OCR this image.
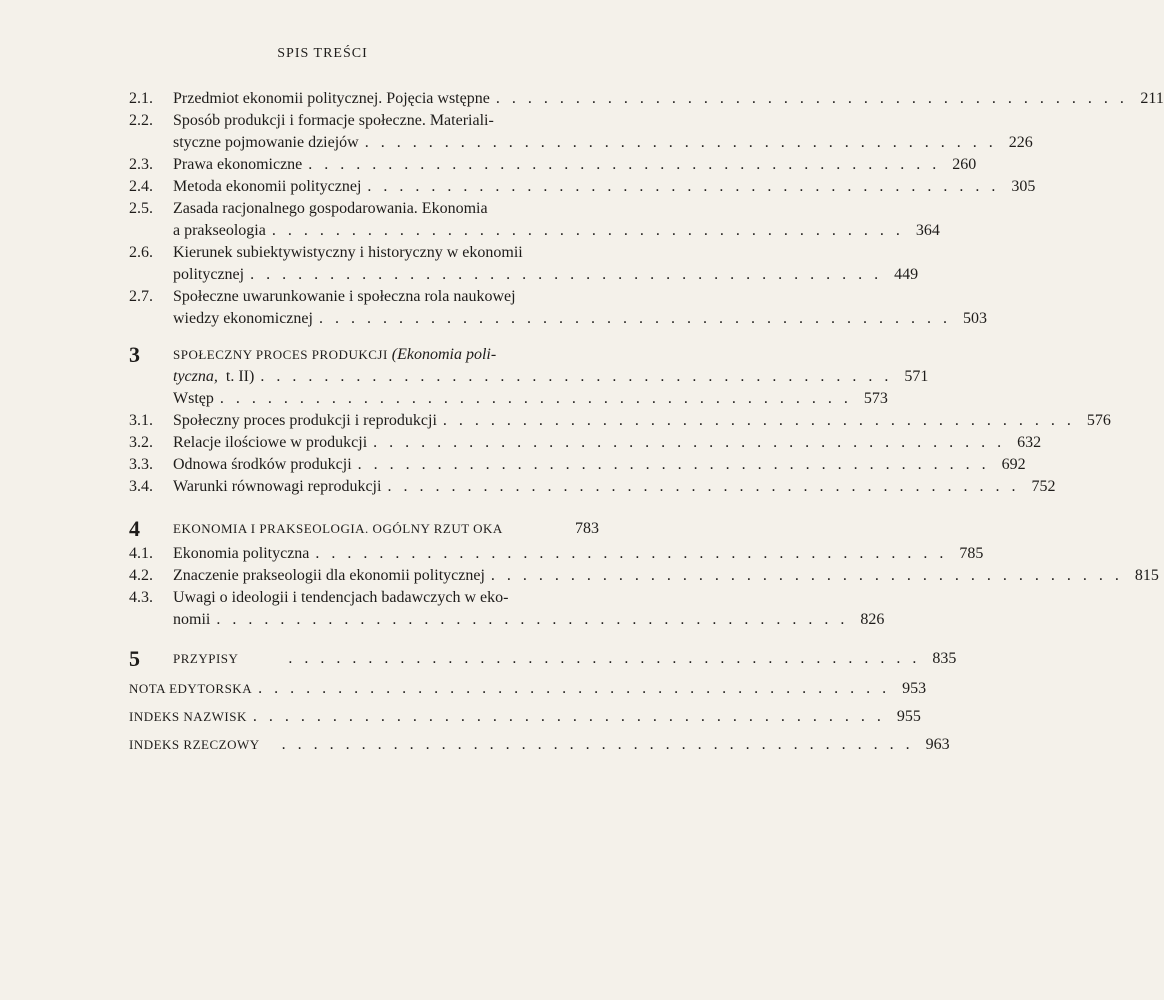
SPIS TREŚCI
2.1.	Przedmiot ekonomii politycznej. Pojęcia wstępne . . . . . . . . . . . . . . . . . . . . . . . . . . . . . . . . . . . . . . . . 211
2.2.	Sposób produkcji i formacje społeczne. Materiali-
styczne pojmowanie dziejów . . . . . . . . . . . . . . . . . . . . . . . . . . . . . . . . . . . . . . . . 226
2.3.	Prawa ekonomiczne . . . . . . . . . . . . . . . . . . . . . . . . . . . . . . . . . . . . . . . . 260
2.4.	Metoda ekonomii politycznej . . . . . . . . . . . . . . . . . . . . . . . . . . . . . . . . . . . . . . . . 305
2.5.	Zasada racjonalnego gospodarowania. Ekonomia
a prakseologia . . . . . . . . . . . . . . . . . . . . . . . . . . . . . . . . . . . . . . . . 364
2.6.	Kierunek subiektywistyczny i historyczny w ekonomii
politycznej . . . . . . . . . . . . . . . . . . . . . . . . . . . . . . . . . . . . . . . . 449
2.7.	Społeczne uwarunkowanie i społeczna rola naukowej
wiedzy ekonomicznej . . . . . . . . . . . . . . . . . . . . . . . . . . . . . . . . . . . . . . . . 503
3	SPOŁECZNY PROCES PRODUKCJI (Ekonomia poli-
tyczna, t. II) . . . . . . . . . . . . . . . . . . . . . . . . . . . . . . . . . . . . . . . . 571
Wstęp . . . . . . . . . . . . . . . . . . . . . . . . . . . . . . . . . . . . . . . . 573
3.1.	Społeczny proces produkcji i reprodukcji . . . . . . . . . . . . . . . . . . . . . . . . . . . . . . . . . . . . . . . . 576
3.2.	Relacje ilościowe w produkcji . . . . . . . . . . . . . . . . . . . . . . . . . . . . . . . . . . . . . . . . 632
3.3.	Odnowa środków produkcji . . . . . . . . . . . . . . . . . . . . . . . . . . . . . . . . . . . . . . . . 692
3.4.	Warunki równowagi reprodukcji . . . . . . . . . . . . . . . . . . . . . . . . . . . . . . . . . . . . . . . . 752
4	EKONOMIA I PRAKSEOLOGIA. OGÓLNY RZUT OKA	783
4.1.	Ekonomia polityczna . . . . . . . . . . . . . . . . . . . . . . . . . . . . . . . . . . . . . . . . 785
4.2.	Znaczenie prakseologii dla ekonomii politycznej . . . . . . . . . . . . . . . . . . . . . . . . . . . . . . . . . . . . . . . . 815
4.3.	Uwagi o ideologii i tendencjach badawczych w eko-
nomii . . . . . . . . . . . . . . . . . . . . . . . . . . . . . . . . . . . . . . . . 826
5	PRZYPISY	. . . . . . . . . . . . . . . . . . . . . . . . . . . . . . . . . . . . . . . . 835
NOTA EDYTORSKA . . . . . . . . . . . . . . . . . . . . . . . . . . . . . . . . . . . . . . . . 953
INDEKS NAZWISK . . . . . . . . . . . . . . . . . . . . . . . . . . . . . . . . . . . . . . . . 955
INDEKS RZECZOWY . . . . . . . . . . . . . . . . . . . . . . . . . . . . . . . . . . . . . . . . 963
